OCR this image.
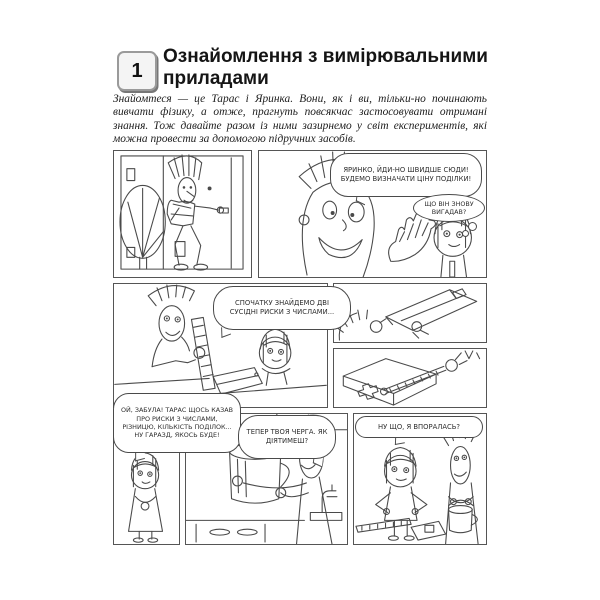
1
Ознайомлення з вимірювальними приладами

Знайомтеся — це Тарас і Яринка. Вони, як і ви, тільки-но починають вивчати фізику, а отже, прагнуть повсякчас застосовувати отримані знання. Тож давайте разом із ними зазирнемо у світ експериментів, які можна провести за допомогою підручних засобів.

ЯРИНКО, ЙДИ-НО ШВИДШЕ СЮДИ! БУДЕМО ВИЗНАЧАТИ ЦІНУ ПОДІЛКИ!
ЩО ВІН ЗНОВУ ВИГАДАВ?
СПОЧАТКУ ЗНАЙДЕМО ДВІ СУСІДНІ РИСКИ З ЧИСЛАМИ...
ОЙ, ЗАБУЛА! ТАРАС ЩОСЬ КАЗАВ ПРО РИСКИ З ЧИСЛАМИ, РІЗНИЦЮ, КІЛЬКІСТЬ ПОДІЛОК... НУ ГАРАЗД, ЯКОСЬ БУДЕ!	ТЕПЕР ТВОЯ ЧЕРГА. ЯК ДІЯТИМЕШ?
НУ ЩО, Я ВПОРАЛАСЬ?
